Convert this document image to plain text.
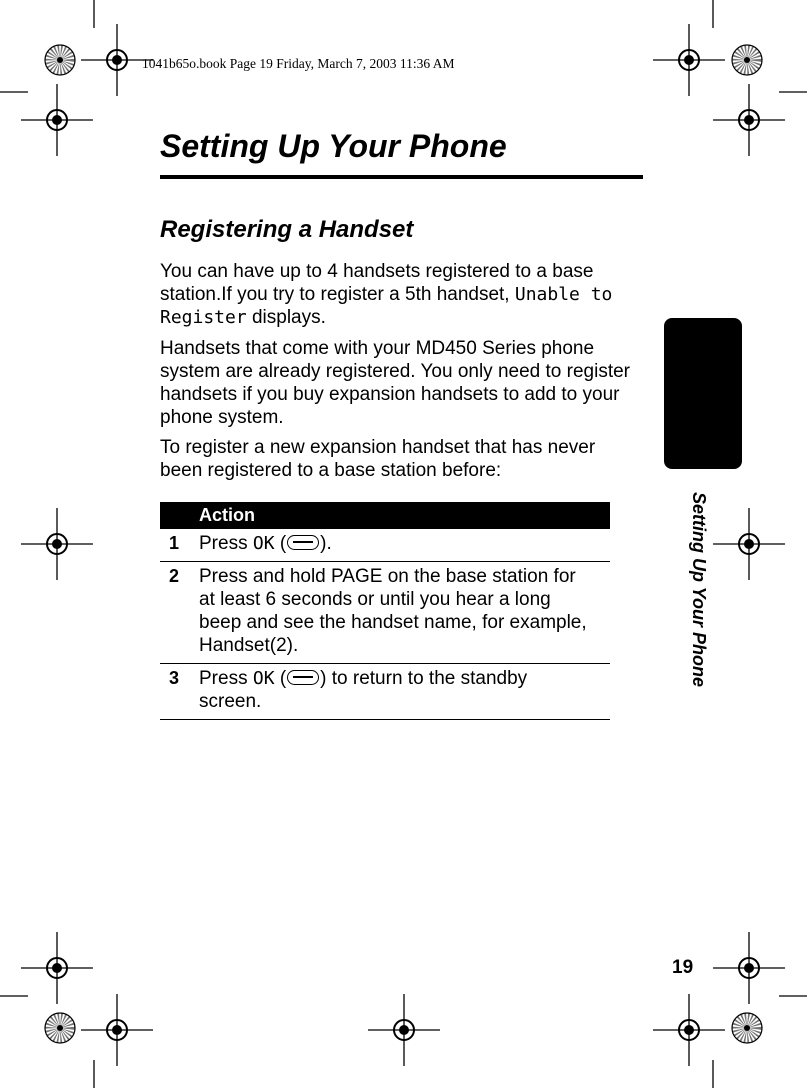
1041b65o.book Page 19 Friday, March 7, 2003 11:36 AM
Setting Up Your Phone
Registering a Handset

You can have up to 4 handsets registered to a base station.If you try to register a 5th handset, Unable to Register displays.

Handsets that come with your MD450 Series phone system are already registered. You only need to register handsets if you buy expansion handsets to add to your phone system.

To register a new expansion handset that has never been registered to a base station before:

Action
1 Press OK ( ).
2 Press and hold PAGE on the base station for at least 6 seconds or until you hear a long beep and see the handset name, for example, Handset(2).
3 Press OK ( ) to return to the standby screen.
Setting Up Your Phone
19
